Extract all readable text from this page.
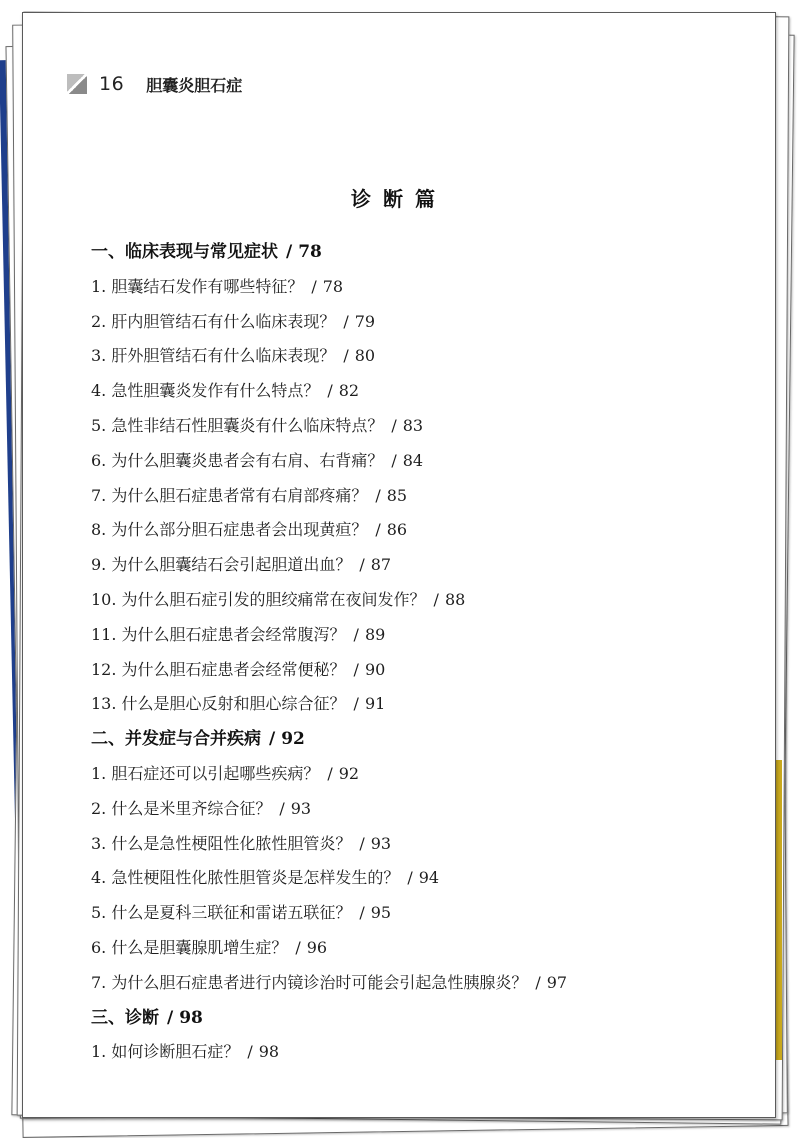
16 胆囊炎胆石症
诊断篇
一、临床表现与常见症状 / 78
1. 胆囊结石发作有哪些特征？ / 78
2. 肝内胆管结石有什么临床表现？ / 79
3. 肝外胆管结石有什么临床表现？ / 80
4. 急性胆囊炎发作有什么特点？ / 82
5. 急性非结石性胆囊炎有什么临床特点？ / 83
6. 为什么胆囊炎患者会有右肩、右背痛？ / 84
7. 为什么胆石症患者常有右肩部疼痛？ / 85
8. 为什么部分胆石症患者会出现黄疸？ / 86
9. 为什么胆囊结石会引起胆道出血？ / 87
10. 为什么胆石症引发的胆绞痛常在夜间发作？ / 88
11. 为什么胆石症患者会经常腹泻？ / 89
12. 为什么胆石症患者会经常便秘？ / 90
13. 什么是胆心反射和胆心综合征？ / 91
二、并发症与合并疾病 / 92
1. 胆石症还可以引起哪些疾病？ / 92
2. 什么是米里齐综合征？ / 93
3. 什么是急性梗阻性化脓性胆管炎？ / 93
4. 急性梗阻性化脓性胆管炎是怎样发生的？ / 94
5. 什么是夏科三联征和雷诺五联征？ / 95
6. 什么是胆囊腺肌增生症？ / 96
7. 为什么胆石症患者进行内镜诊治时可能会引起急性胰腺炎？ / 97
三、诊断 / 98
1. 如何诊断胆石症？ / 98
